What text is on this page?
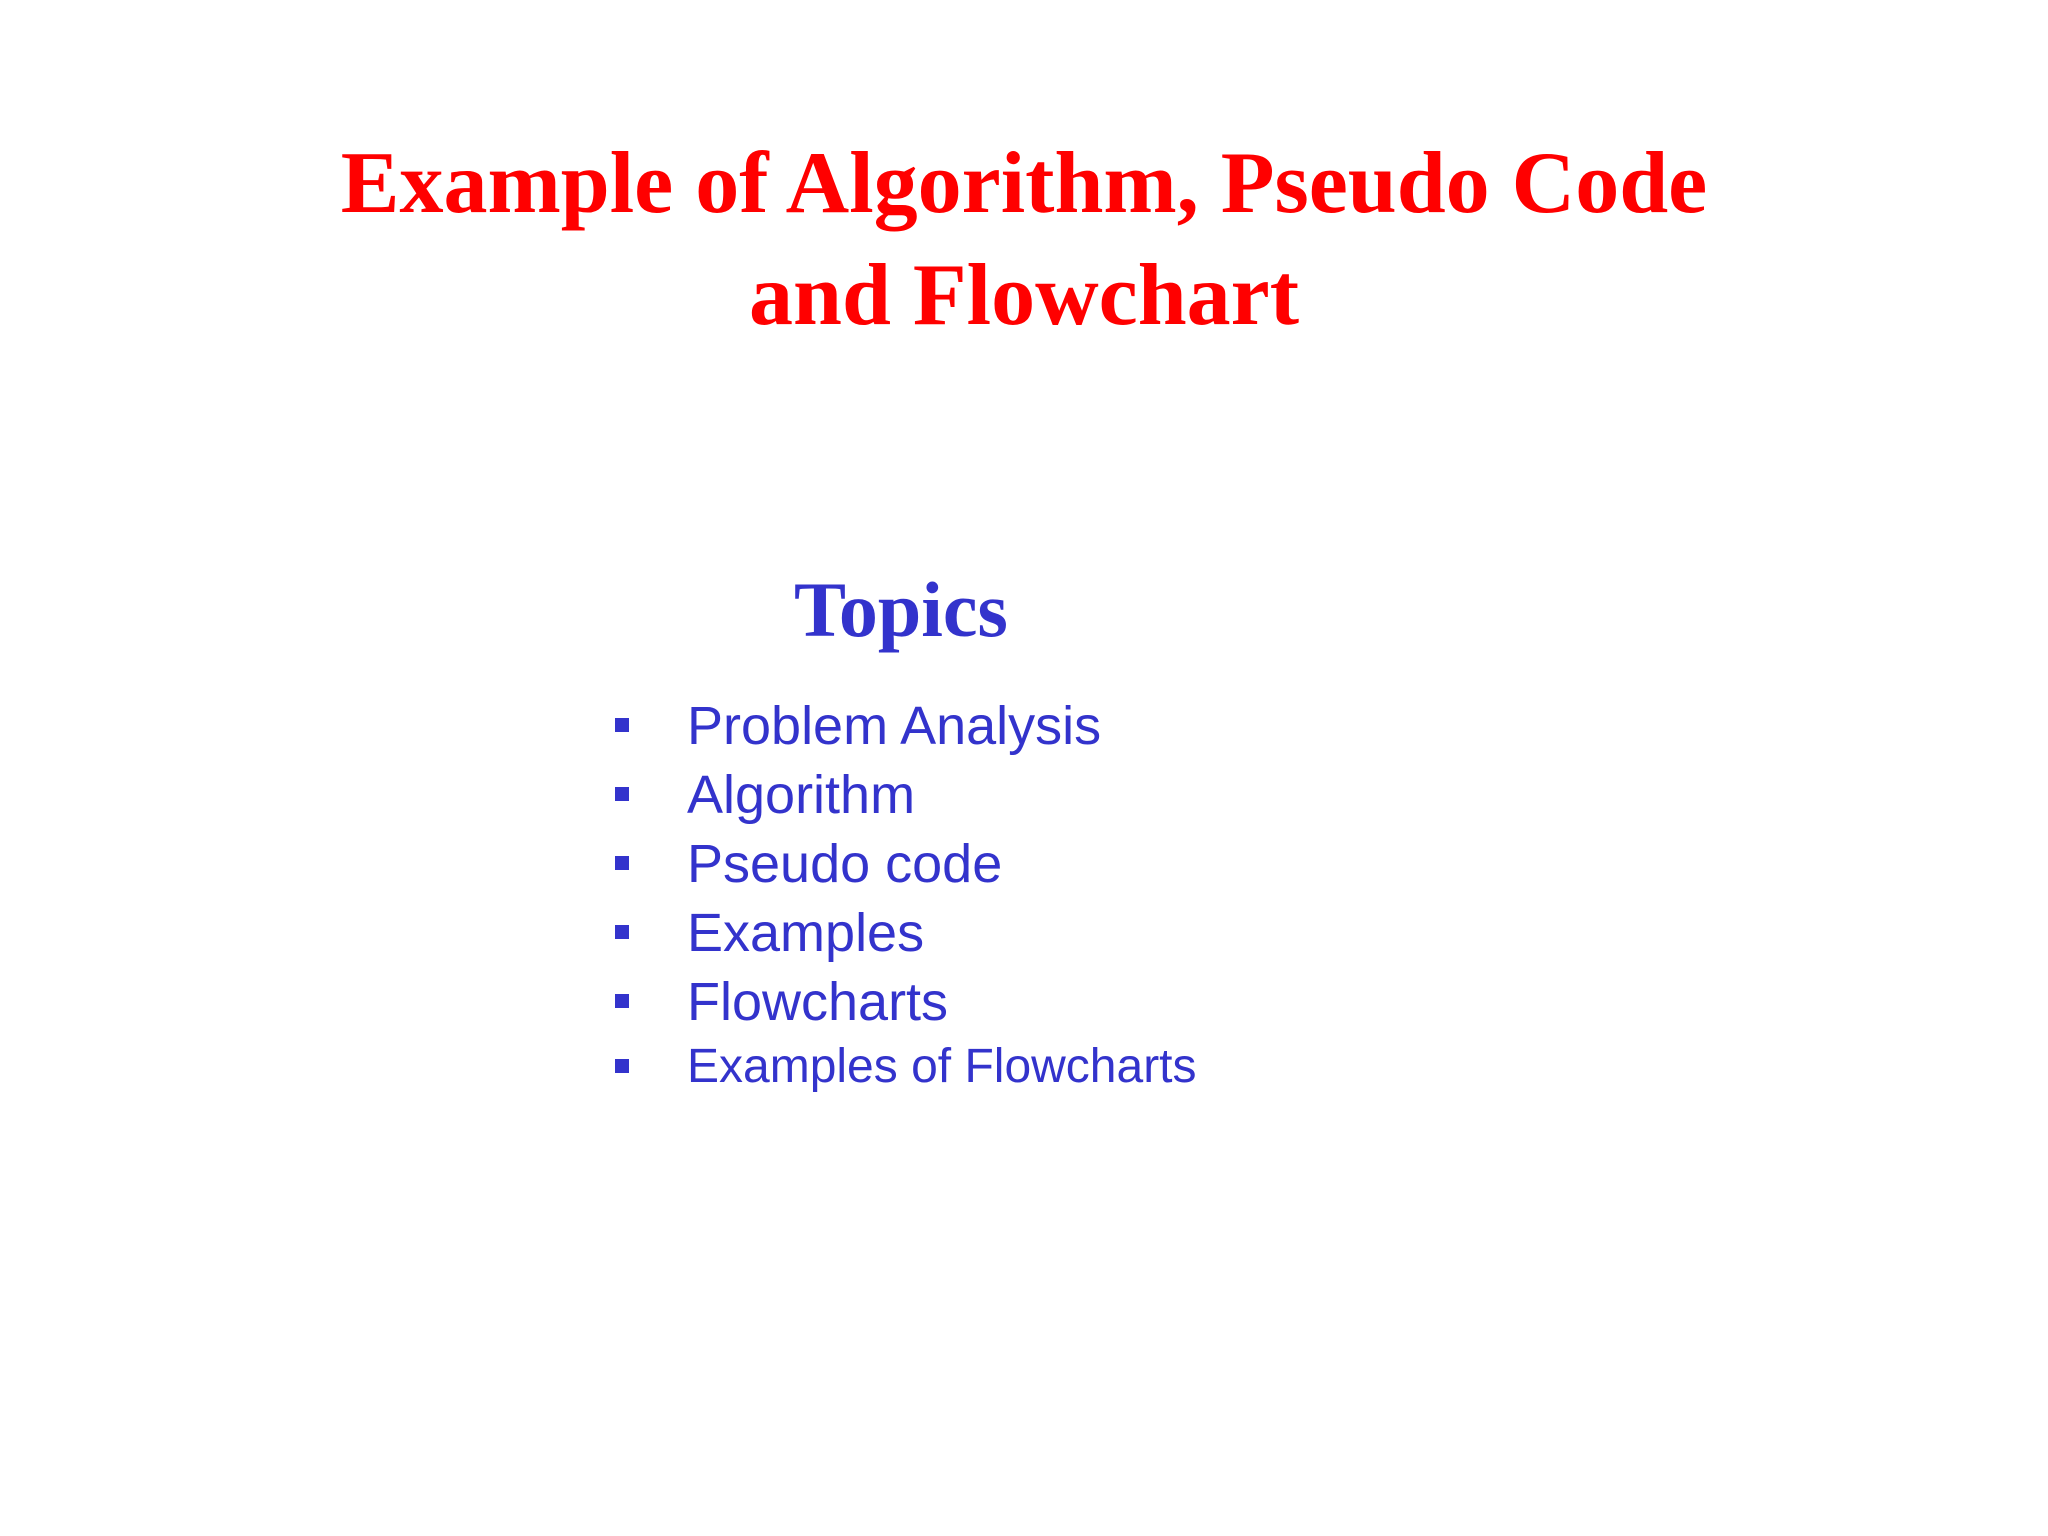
Example of Algorithm, Pseudo Code
and Flowchart
Topics
Problem Analysis
Algorithm
Pseudo code
Examples
Flowcharts
Examples of Flowcharts
